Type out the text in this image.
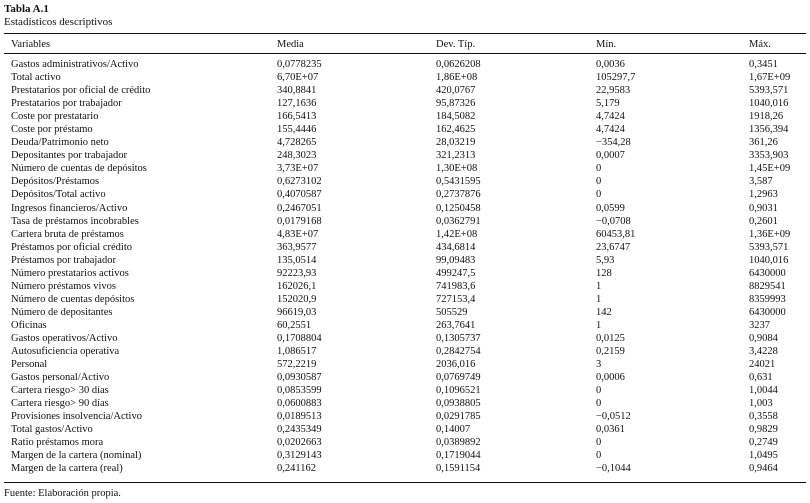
Tabla A.1
Estadísticos descriptivos
Variables	Media	Dev. Típ.	Mín.	Máx.
Gastos administrativos/Activo	0,0778235	0,0626208	0,0036	0,3451
Total activo	6,70E+07	1,86E+08	105297,7	1,67E+09
Prestatarios por oficial de crédito	340,8841	420,0767	22,9583	5393,571
Prestatarios por trabajador	127,1636	95,87326	5,179	1040,016
Coste por prestatario	166,5413	184,5082	4,7424	1918,26
Coste por préstamo	155,4446	162,4625	4,7424	1356,394
Deuda/Patrimonio neto	4,728265	28,03219	−354,28	361,26
Depositantes por trabajador	248,3023	321,2313	0,0007	3353,903
Número de cuentas de depósitos	3,73E+07	1,30E+08	0	1,45E+09
Depósitos/Préstamos	0,6273102	0,5431595	0	3,587
Depósitos/Total activo	0,4070587	0,2737876	0	1,2963
Ingresos financieros/Activo	0,2467051	0,1250458	0,0599	0,9031
Tasa de préstamos incobrables	0,0179168	0,0362791	−0,0708	0,2601
Cartera bruta de préstamos	4,83E+07	1,42E+08	60453,81	1,36E+09
Préstamos por oficial crédito	363,9577	434,6814	23,6747	5393,571
Préstamos por trabajador	135,0514	99,09483	5,93	1040,016
Número prestatarios activos	92223,93	499247,5	128	6430000
Número préstamos vivos	162026,1	741983,6	1	8829541
Número de cuentas depósitos	152020,9	727153,4	1	8359993
Número de depositantes	96619,03	505529	142	6430000
Oficinas	60,2551	263,7641	1	3237
Gastos operativos/Activo	0,1708804	0,1305737	0,0125	0,9084
Autosuficiencia operativa	1,086517	0,2842754	0,2159	3,4228
Personal	572,2219	2036,016	3	24021
Gastos personal/Activo	0,0930587	0,0769749	0,0006	0,631
Cartera riesgo> 30 días	0,0853599	0,1096521	0	1,0044
Cartera riesgo> 90 días	0,0600883	0,0938805	0	1,003
Provisiones insolvencia/Activo	0,0189513	0,0291785	−0,0512	0,3558
Total gastos/Activo	0,2435349	0,14007	0,0361	0,9829
Ratio préstamos mora	0,0202663	0,0389892	0	0,2749
Margen de la cartera (nominal)	0,3129143	0,1719044	0	1,0495
Margen de la cartera (real)	0,241162	0,1591154	−0,1044	0,9464
Fuente: Elaboración propia.
